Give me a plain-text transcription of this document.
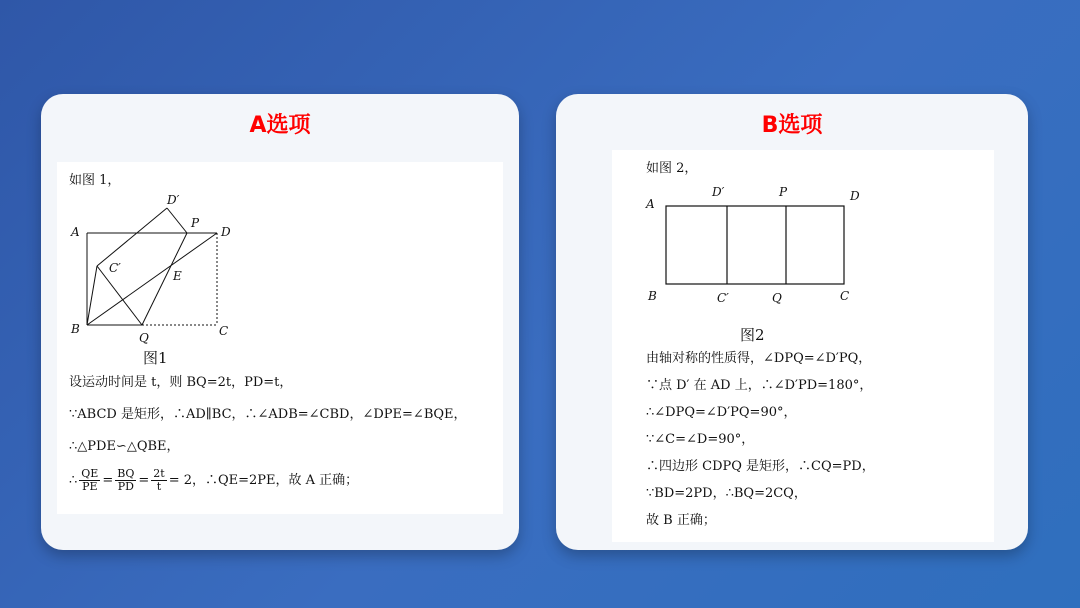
A选项
如图 1，
A
B	C
D
D′
P
C′
E
Q
图1
设运动时间是 t，则 BQ=2t，PD=t，
∵ABCD 是矩形，∴AD∥BC，∴∠ADB=∠CBD，∠DPE=∠BQE，
∴△PDE∽△QBE，
∴ $\frac{QE}{PE} = \frac{BQ}{PD} = \frac{2t}{t} = 2$，∴QE=2PE，故 A 正确；
B选项
如图 2，
A
D′	P	D
B	C′	Q	C
图2
由轴对称的性质得，∠DPQ=∠D′PQ，
∵点 D′ 在 AD 上，∴∠D′PD=180°，
∴∠DPQ=∠D′PQ=90°，
∵∠C=∠D=90°，
∴四边形 CDPQ 是矩形，∴CQ=PD，
∵BD=2PD，∴BQ=2CQ，
故 B 正确；
